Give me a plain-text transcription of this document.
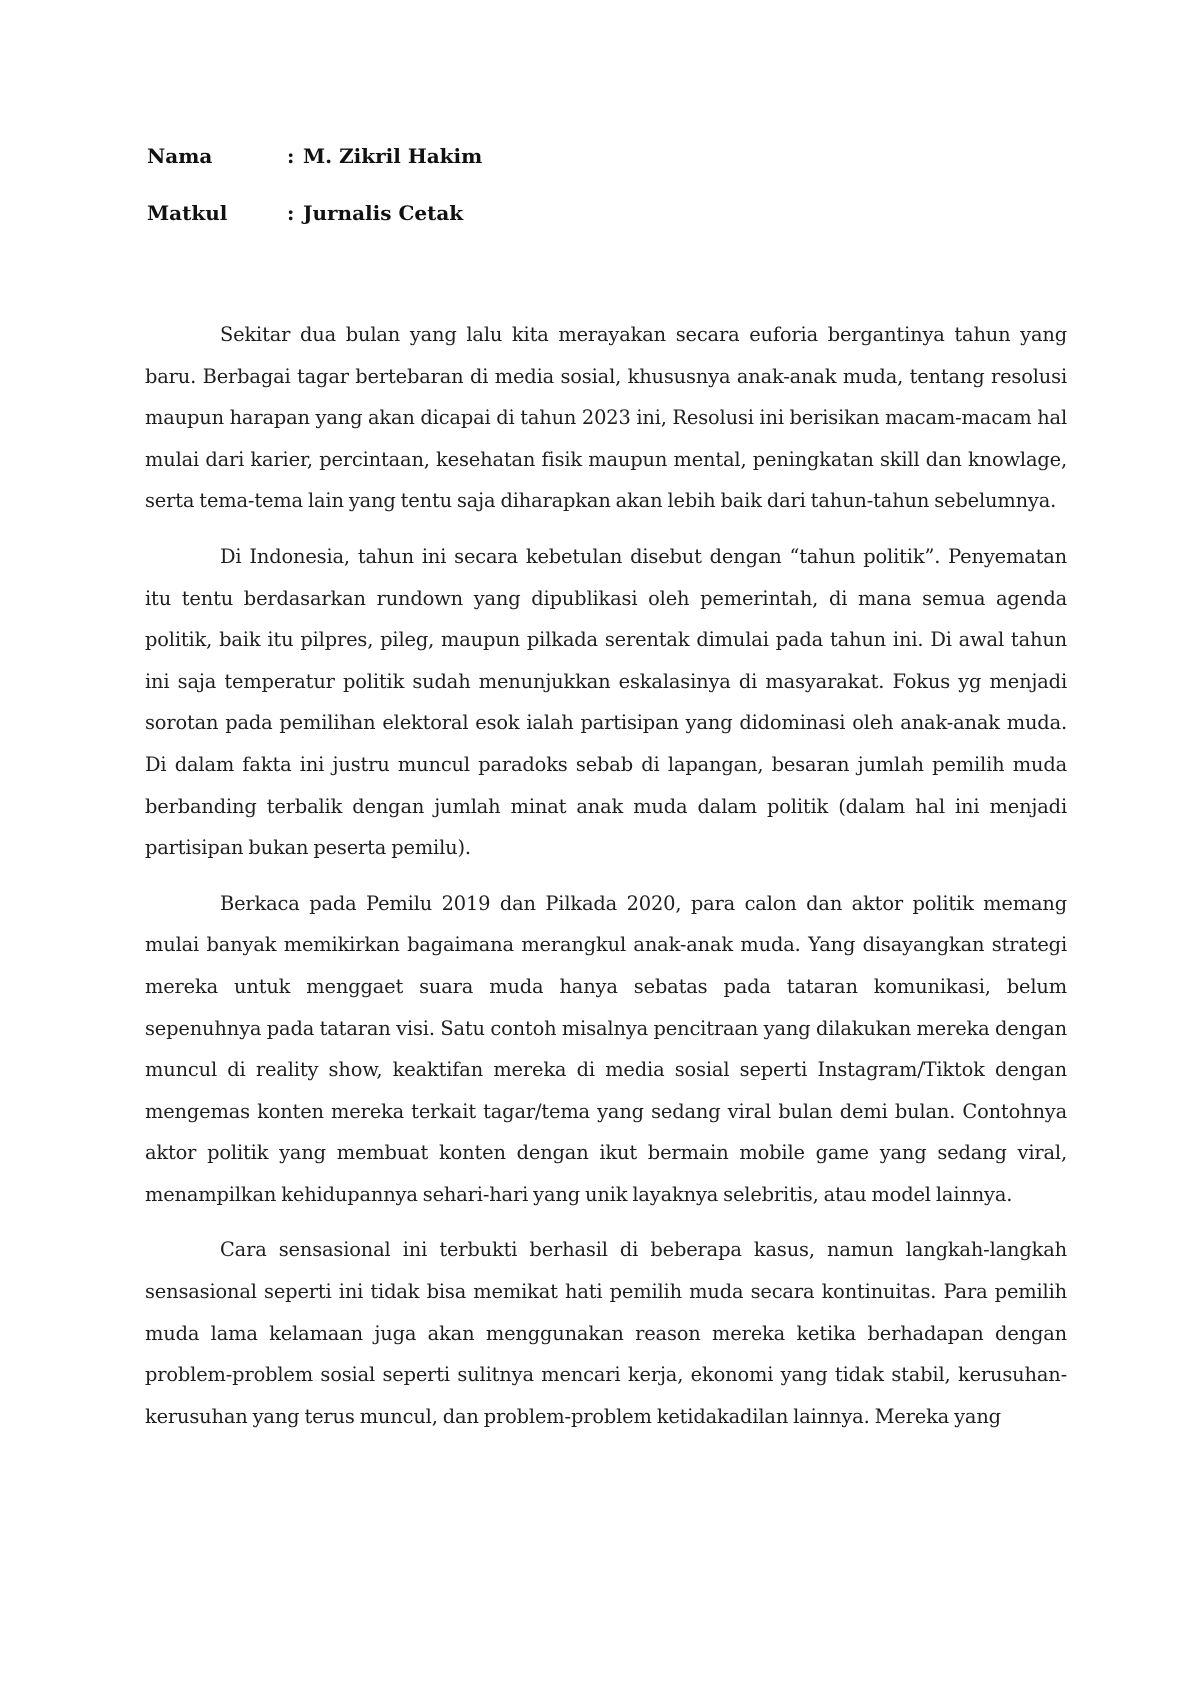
Nama	: M. Zikril Hakim
Matkul	: Jurnalis Cetak

Sekitar dua bulan yang lalu kita merayakan secara euforia bergantinya tahun yang baru. Berbagai tagar bertebaran di media sosial, khususnya anak-anak muda, tentang resolusi maupun harapan yang akan dicapai di tahun 2023 ini, Resolusi ini berisikan macam-macam hal mulai dari karier, percintaan, kesehatan fisik maupun mental, peningkatan skill dan knowlage, serta tema-tema lain yang tentu saja diharapkan akan lebih baik dari tahun-tahun sebelumnya.

Di Indonesia, tahun ini secara kebetulan disebut dengan “tahun politik”. Penyematan itu tentu berdasarkan rundown yang dipublikasi oleh pemerintah, di mana semua agenda politik, baik itu pilpres, pileg, maupun pilkada serentak dimulai pada tahun ini. Di awal tahun ini saja temperatur politik sudah menunjukkan eskalasinya di masyarakat. Fokus yg menjadi sorotan pada pemilihan elektoral esok ialah partisipan yang didominasi oleh anak-anak muda. Di dalam fakta ini justru muncul paradoks sebab di lapangan, besaran jumlah pemilih muda berbanding terbalik dengan jumlah minat anak muda dalam politik (dalam hal ini menjadi partisipan bukan peserta pemilu).

Berkaca pada Pemilu 2019 dan Pilkada 2020, para calon dan aktor politik memang mulai banyak memikirkan bagaimana merangkul anak-anak muda. Yang disayangkan strategi mereka untuk menggaet suara muda hanya sebatas pada tataran komunikasi, belum sepenuhnya pada tataran visi. Satu contoh misalnya pencitraan yang dilakukan mereka dengan muncul di reality show, keaktifan mereka di media sosial seperti Instagram/Tiktok dengan mengemas konten mereka terkait tagar/tema yang sedang viral bulan demi bulan. Contohnya aktor politik yang membuat konten dengan ikut bermain mobile game yang sedang viral, menampilkan kehidupannya sehari-hari yang unik layaknya selebritis, atau model lainnya.

Cara sensasional ini terbukti berhasil di beberapa kasus, namun langkah-langkah sensasional seperti ini tidak bisa memikat hati pemilih muda secara kontinuitas. Para pemilih muda lama kelamaan juga akan menggunakan reason mereka ketika berhadapan dengan problem-problem sosial seperti sulitnya mencari kerja, ekonomi yang tidak stabil, kerusuhan-kerusuhan yang terus muncul, dan problem-problem ketidakadilan lainnya. Mereka yang
